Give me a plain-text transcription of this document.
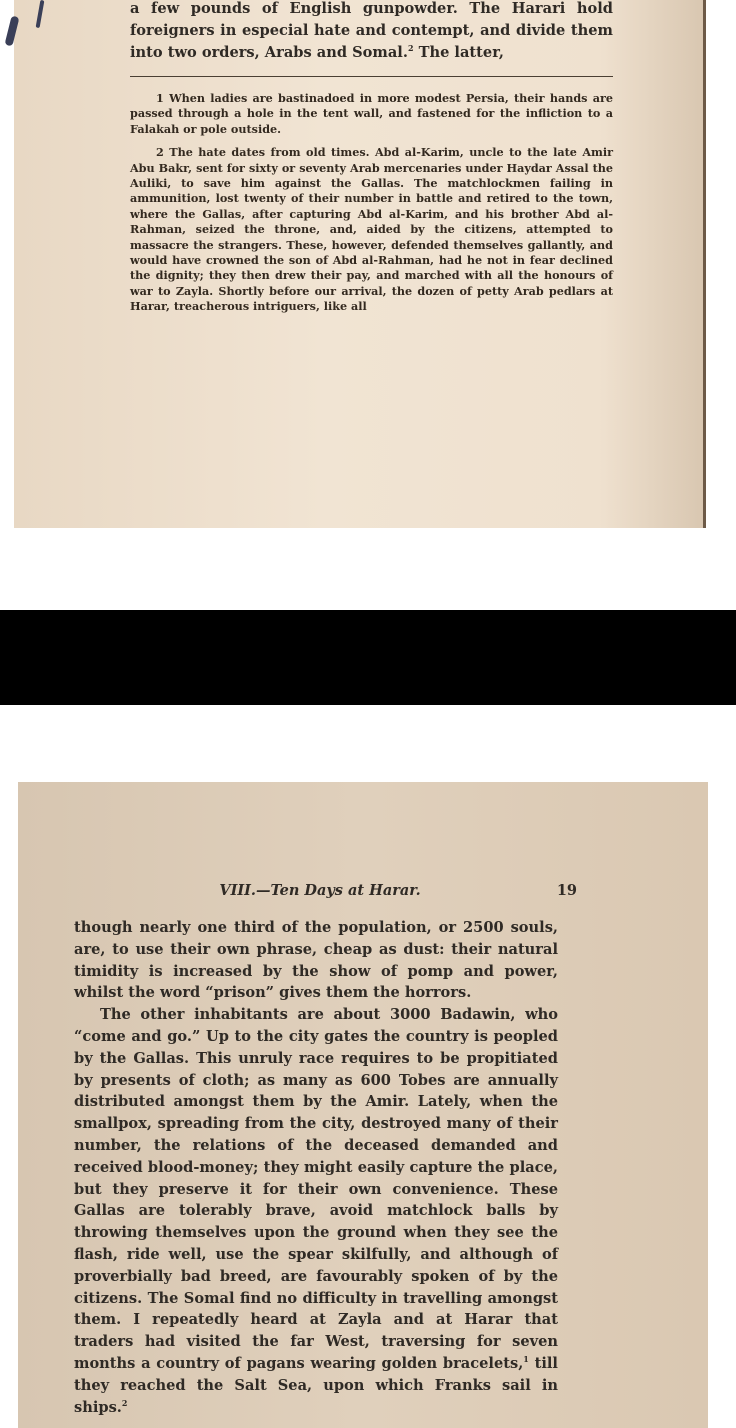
a few pounds of English gunpowder. The Harari hold foreigners in especial hate and contempt, and divide them into two orders, Arabs and Somal.$^2$ The latter,

1 When ladies are bastinadoed in more modest Persia, their hands are passed through a hole in the tent wall, and fastened for the infliction to a Falakah or pole outside.

2 The hate dates from old times. Abd al-Karim, uncle to the late Amir Abu Bakr, sent for sixty or seventy Arab mercenaries under Haydar Assal the Auliki, to save him against the Gallas. The matchlockmen failing in ammunition, lost twenty of their number in battle and retired to the town, where the Gallas, after capturing Abd al-Karim, and his brother Abd al-Rahman, seized the throne, and, aided by the citizens, attempted to massacre the strangers. These, however, defended themselves gallantly, and would have crowned the son of Abd al-Rahman, had he not in fear declined the dignity; they then drew their pay, and marched with all the honours of war to Zayla. Shortly before our arrival, the dozen of petty Arab pedlars at Harar, treacherous intriguers, like all

VIII.—Ten Days at Harar.	19

though nearly one third of the population, or 2500 souls, are, to use their own phrase, cheap as dust: their natural timidity is increased by the show of pomp and power, whilst the word “prison” gives them the horrors.

The other inhabitants are about 3000 Badawin, who “come and go.” Up to the city gates the country is peopled by the Gallas. This unruly race requires to be propitiated by presents of cloth; as many as 600 Tobes are annually distributed amongst them by the Amir. Lately, when the smallpox, spreading from the city, destroyed many of their number, the relations of the deceased demanded and received blood-money; they might easily capture the place, but they preserve it for their own convenience. These Gallas are tolerably brave, avoid matchlock balls by throwing themselves upon the ground when they see the flash, ride well, use the spear skilfully, and although of proverbially bad breed, are favourably spoken of by the citizens. The Somal find no difficulty in travelling amongst them. I repeatedly heard at Zayla and at Harar that traders had visited the far West, traversing for seven months a country of pagans wearing golden bracelets,$^1$ till they reached the Salt Sea, upon which Franks sail in ships.$^2$
